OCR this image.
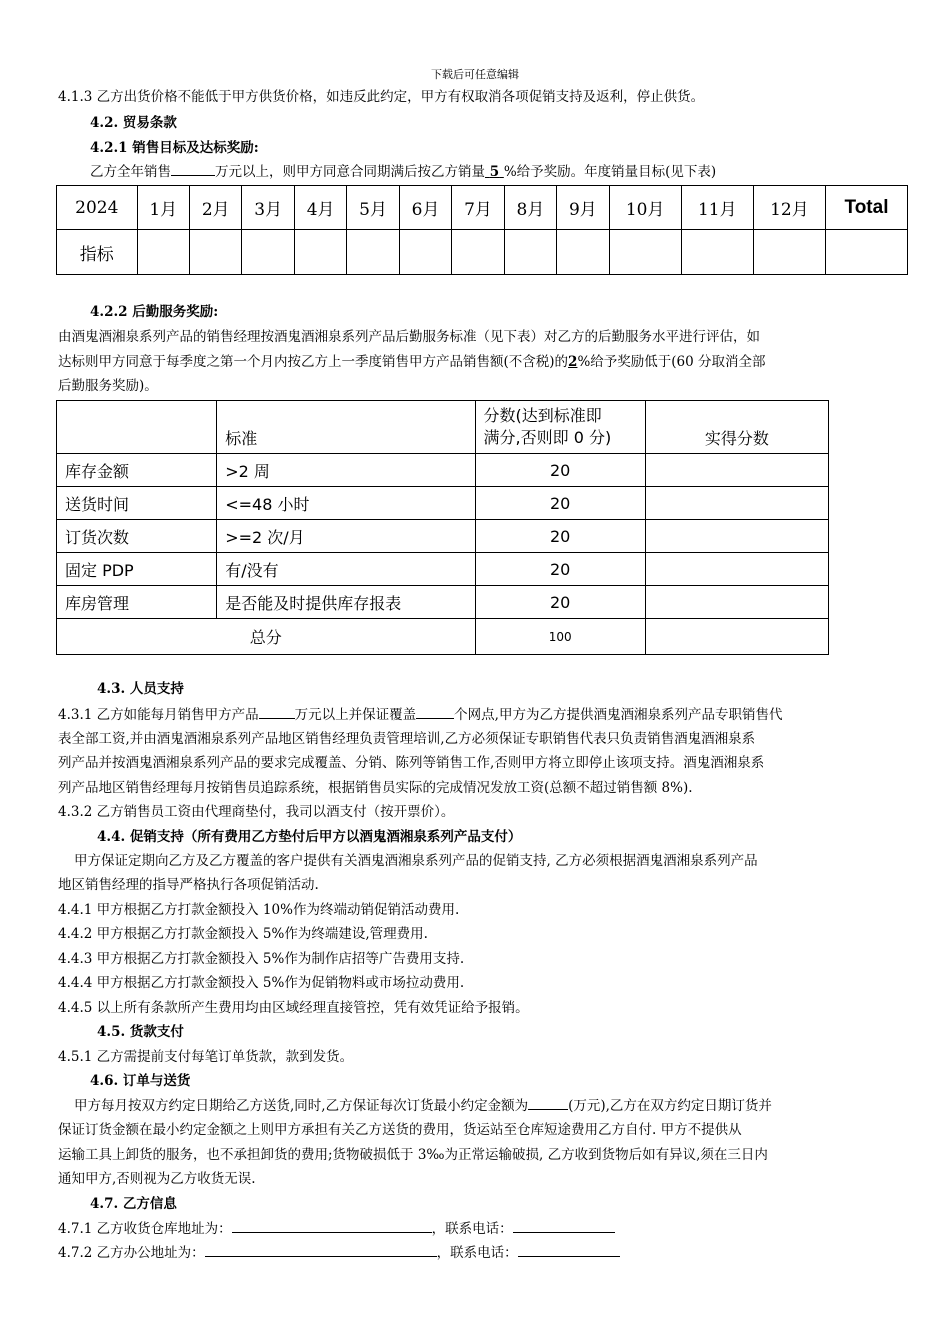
下载后可任意编辑
4.1.3 乙方出货价格不能低于甲方供货价格，如违反此约定，甲方有权取消各项促销支持及返利，停止供货。
4.2. 贸易条款
4.2.1 销售目标及达标奖励:
乙方全年销售	万元以上，则甲方同意合同期满后按乙方销量 5 %给予奖励。年度销量目标(见下表)
2024	1月	2月	3月	4月	5月	6月	7月	8月	9月	10月	11月	12月	Total
指标													
4.2.2 后勤服务奖励:
由酒鬼酒湘泉系列产品的销售经理按酒鬼酒湘泉系列产品后勤服务标准（见下表）对乙方的后勤服务水平进行评估，如
达标则甲方同意于每季度之第一个月内按乙方上一季度销售甲方产品销售额(不含税)的2%给予奖励低于(60 分取消全部
后勤服务奖励)。
	标准	分数(达到标准即
满分,否则即 0 分)	实得分数
库存金额	>2 周	20	
送货时间	<=48 小时	20	
订货次数	>=2 次/月	20	
固定 PDP	有/没有	20	
库房管理	是否能及时提供库存报表	20	
总分		100	
4.3. 人员支持
4.3.1 乙方如能每月销售甲方产品	万元以上并保证覆盖	个网点,甲方为乙方提供酒鬼酒湘泉系列产品专职销售代
表全部工资,并由酒鬼酒湘泉系列产品地区销售经理负责管理培训,乙方必须保证专职销售代表只负责销售酒鬼酒湘泉系
列产品并按酒鬼酒湘泉系列产品的要求完成覆盖、分销、陈列等销售工作,否则甲方将立即停止该项支持。酒鬼酒湘泉系
列产品地区销售经理每月按销售员追踪系统，根据销售员实际的完成情况发放工资(总额不超过销售额 8%).
4.3.2 乙方销售员工资由代理商垫付，我司以酒支付（按开票价）。
4.4. 促销支持（所有费用乙方垫付后甲方以酒鬼酒湘泉系列产品支付）
甲方保证定期向乙方及乙方覆盖的客户提供有关酒鬼酒湘泉系列产品的促销支持, 乙方必须根据酒鬼酒湘泉系列产品
地区销售经理的指导严格执行各项促销活动.
4.4.1 甲方根据乙方打款金额投入 10%作为终端动销促销活动费用.
4.4.2 甲方根据乙方打款金额投入 5%作为终端建设,管理费用.
4.4.3 甲方根据乙方打款金额投入 5%作为制作店招等广告费用支持.
4.4.4 甲方根据乙方打款金额投入 5%作为促销物料或市场拉动费用.
4.4.5 以上所有条款所产生费用均由区域经理直接管控，凭有效凭证给予报销。
4.5. 货款支付
4.5.1 乙方需提前支付每笔订单货款，款到发货。
4.6. 订单与送货
甲方每月按双方约定日期给乙方送货,同时,乙方保证每次订货最小约定金额为	(万元),乙方在双方约定日期订货并
保证订货金额在最小约定金额之上则甲方承担有关乙方送货的费用，货运站至仓库短途费用乙方自付. 甲方不提供从
运输工具上卸货的服务，也不承担卸货的费用;货物破损低于 3‰为正常运输破损, 乙方收到货物后如有异议,须在三日内
通知甲方,否则视为乙方收货无误.
4.7. 乙方信息
4.7.1 乙方收货仓库地址为：	，联系电话：
4.7.2 乙方办公地址为：	，联系电话：
